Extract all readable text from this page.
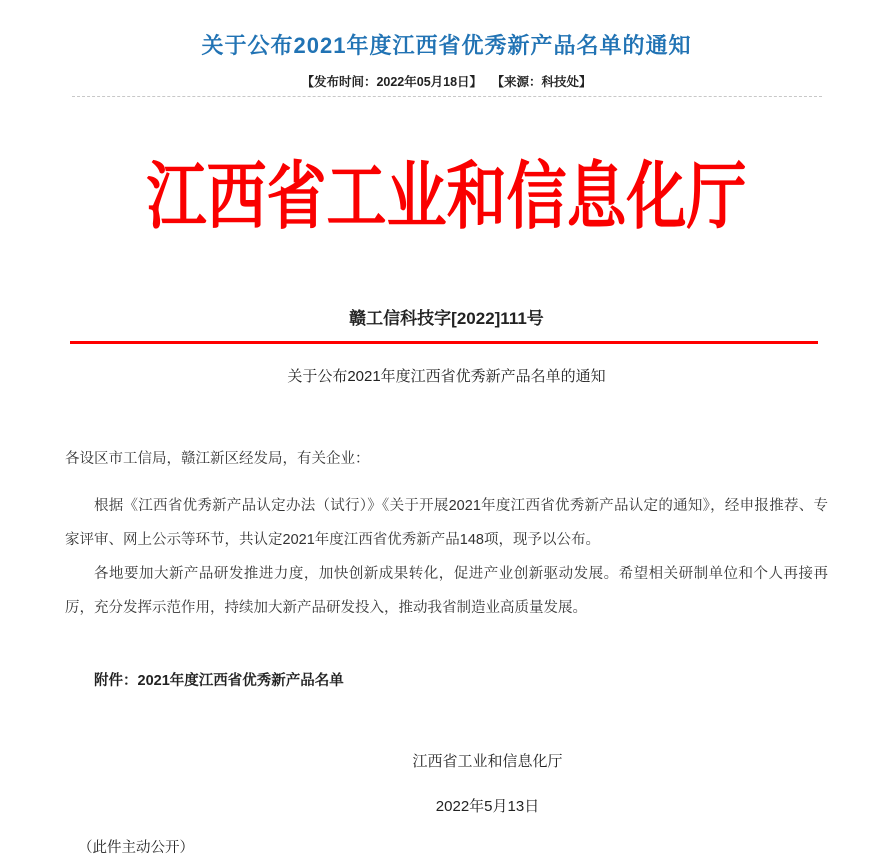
关于公布2021年度江西省优秀新产品名单的通知
【发布时间：2022年05月18日】 【来源：科技处】
江西省工业和信息化厅
赣工信科技字[2022]111号
关于公布2021年度江西省优秀新产品名单的通知

各设区市工信局，赣江新区经发局，有关企业：

根据《江西省优秀新产品认定办法（试行）》《关于开展2021年度江西省优秀新产品认定的通知》，经申报推荐、专家评审、网上公示等环节，共认定2021年度江西省优秀新产品148项，现予以公布。

各地要加大新产品研发推进力度，加快创新成果转化，促进产业创新驱动发展。希望相关研制单位和个人再接再厉，充分发挥示范作用，持续加大新产品研发投入，推动我省制造业高质量发展。

附件：2021年度江西省优秀新产品名单

江西省工业和信息化厅
2022年5月13日
（此件主动公开）
